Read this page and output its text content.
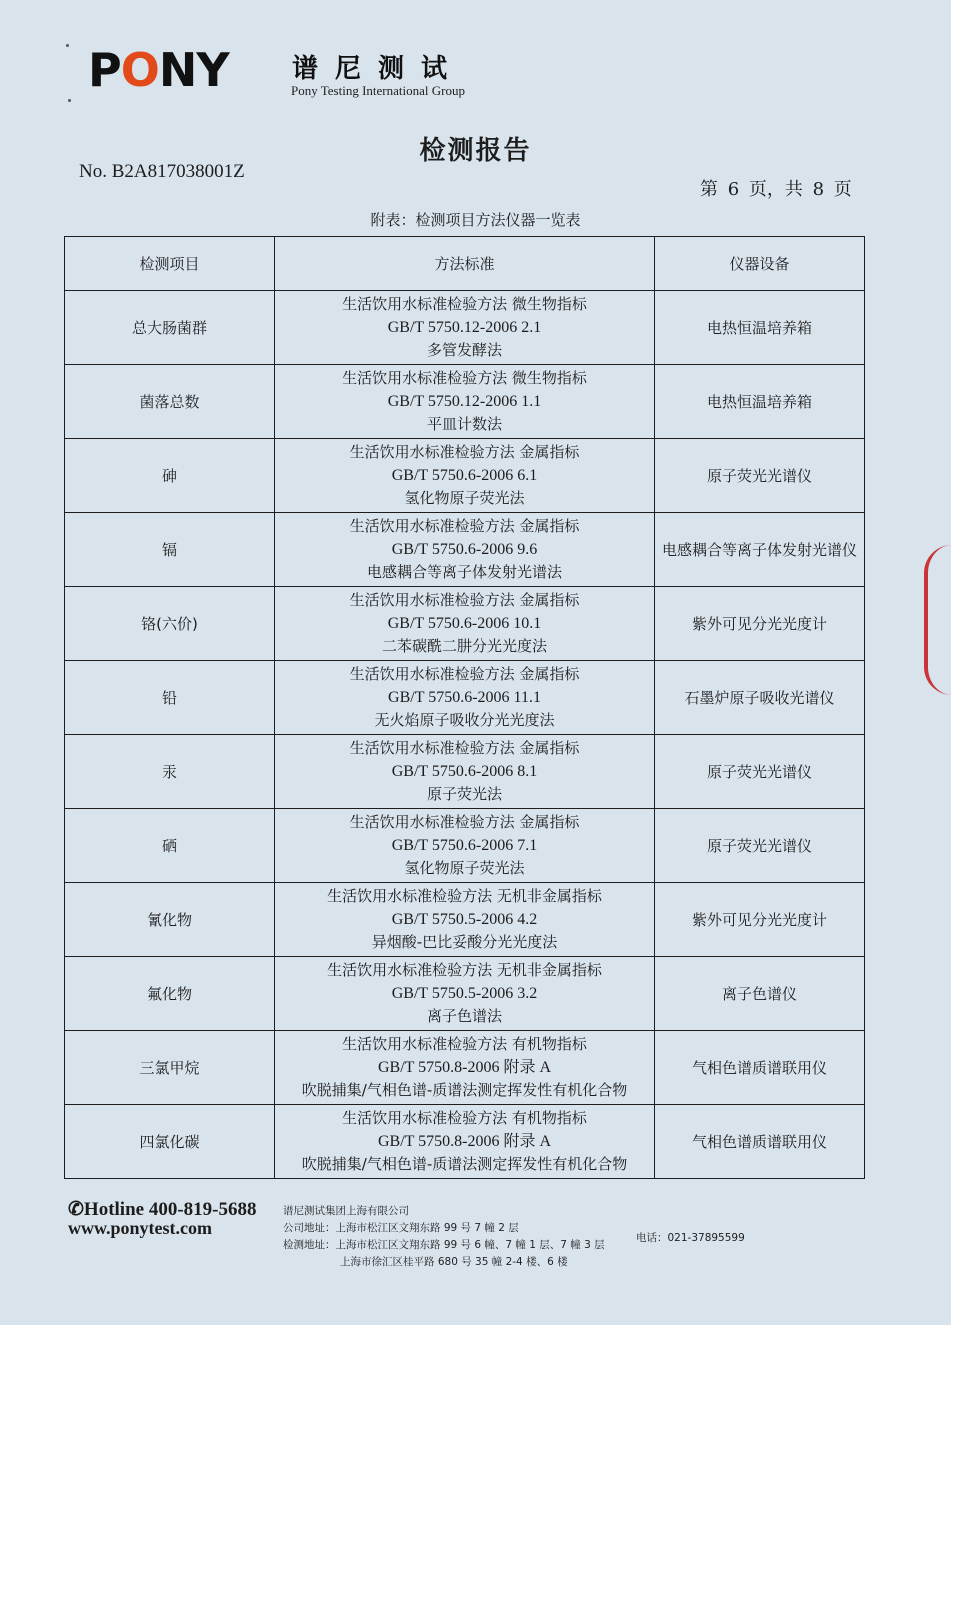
PONY 谱尼测试
Pony Testing International Group
检测报告
No. B2A817038001Z
第 6 页，共 8 页
附表：检测项目方法仪器一览表
检测项目	方法标准	仪器设备
总大肠菌群	生活饮用水标准检验方法 微生物指标
GB/T 5750.12-2006 2.1
多管发酵法	电热恒温培养箱
菌落总数	生活饮用水标准检验方法 微生物指标
GB/T 5750.12-2006 1.1
平皿计数法	电热恒温培养箱
砷	生活饮用水标准检验方法 金属指标
GB/T 5750.6-2006 6.1
氢化物原子荧光法	原子荧光光谱仪
镉	生活饮用水标准检验方法 金属指标
GB/T 5750.6-2006 9.6
电感耦合等离子体发射光谱法	电感耦合等离子体发射光谱仪
铬(六价)	生活饮用水标准检验方法 金属指标
GB/T 5750.6-2006 10.1
二苯碳酰二肼分光光度法	紫外可见分光光度计
铅	生活饮用水标准检验方法 金属指标
GB/T 5750.6-2006 11.1
无火焰原子吸收分光光度法	石墨炉原子吸收光谱仪
汞	生活饮用水标准检验方法 金属指标
GB/T 5750.6-2006 8.1
原子荧光法	原子荧光光谱仪
硒	生活饮用水标准检验方法 金属指标
GB/T 5750.6-2006 7.1
氢化物原子荧光法	原子荧光光谱仪
氰化物	生活饮用水标准检验方法 无机非金属指标
GB/T 5750.5-2006 4.2
异烟酸-巴比妥酸分光光度法	紫外可见分光光度计
氟化物	生活饮用水标准检验方法 无机非金属指标
GB/T 5750.5-2006 3.2
离子色谱法	离子色谱仪
三氯甲烷	生活饮用水标准检验方法 有机物指标
GB/T 5750.8-2006 附录 A
吹脱捕集/气相色谱-质谱法测定挥发性有机化合物	气相色谱质谱联用仪
四氯化碳	生活饮用水标准检验方法 有机物指标
GB/T 5750.8-2006 附录 A
吹脱捕集/气相色谱-质谱法测定挥发性有机化合物	气相色谱质谱联用仪
✆Hotline 400-819-5688
www.ponytest.com
谱尼测试集团上海有限公司
公司地址：上海市松江区文翔东路 99 号 7 幢 2 层
检测地址：上海市松江区文翔东路 99 号 6 幢、7 幢 1 层、7 幢 3 层
上海市徐汇区桂平路 680 号 35 幢 2-4 楼、6 楼
电话：021-37895599
